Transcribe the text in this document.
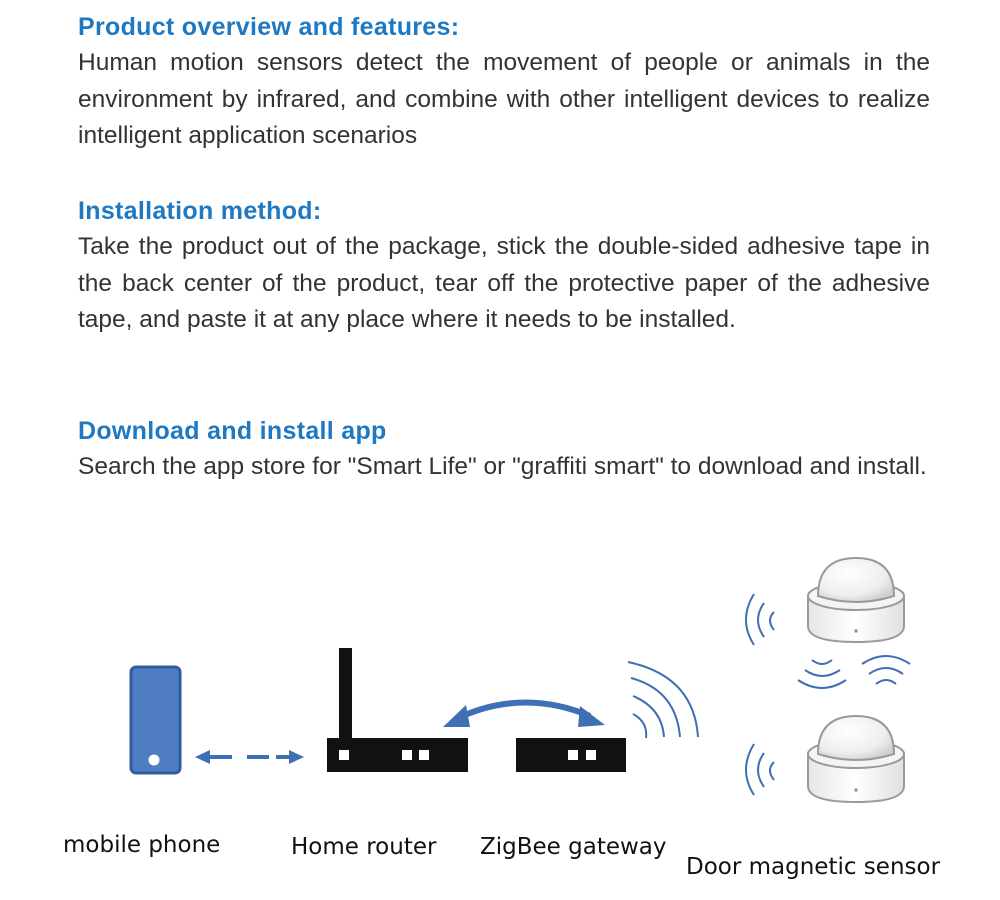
Product overview and features:
Human motion sensors detect the movement of people or animals in the environment by infrared, and combine with other intelligent devices to realize intelligent application scenarios
Installation method:
Take the product out of the package, stick the double-sided adhesive tape in the back center of the product, tear off the protective paper of the adhesive tape, and paste it at any place where it needs to be installed.
Download and install app
Search the app store for "Smart Life" or "graffiti smart" to download and install.
mobile phone	Home router ZigBee gateway
Door magnetic sensor
